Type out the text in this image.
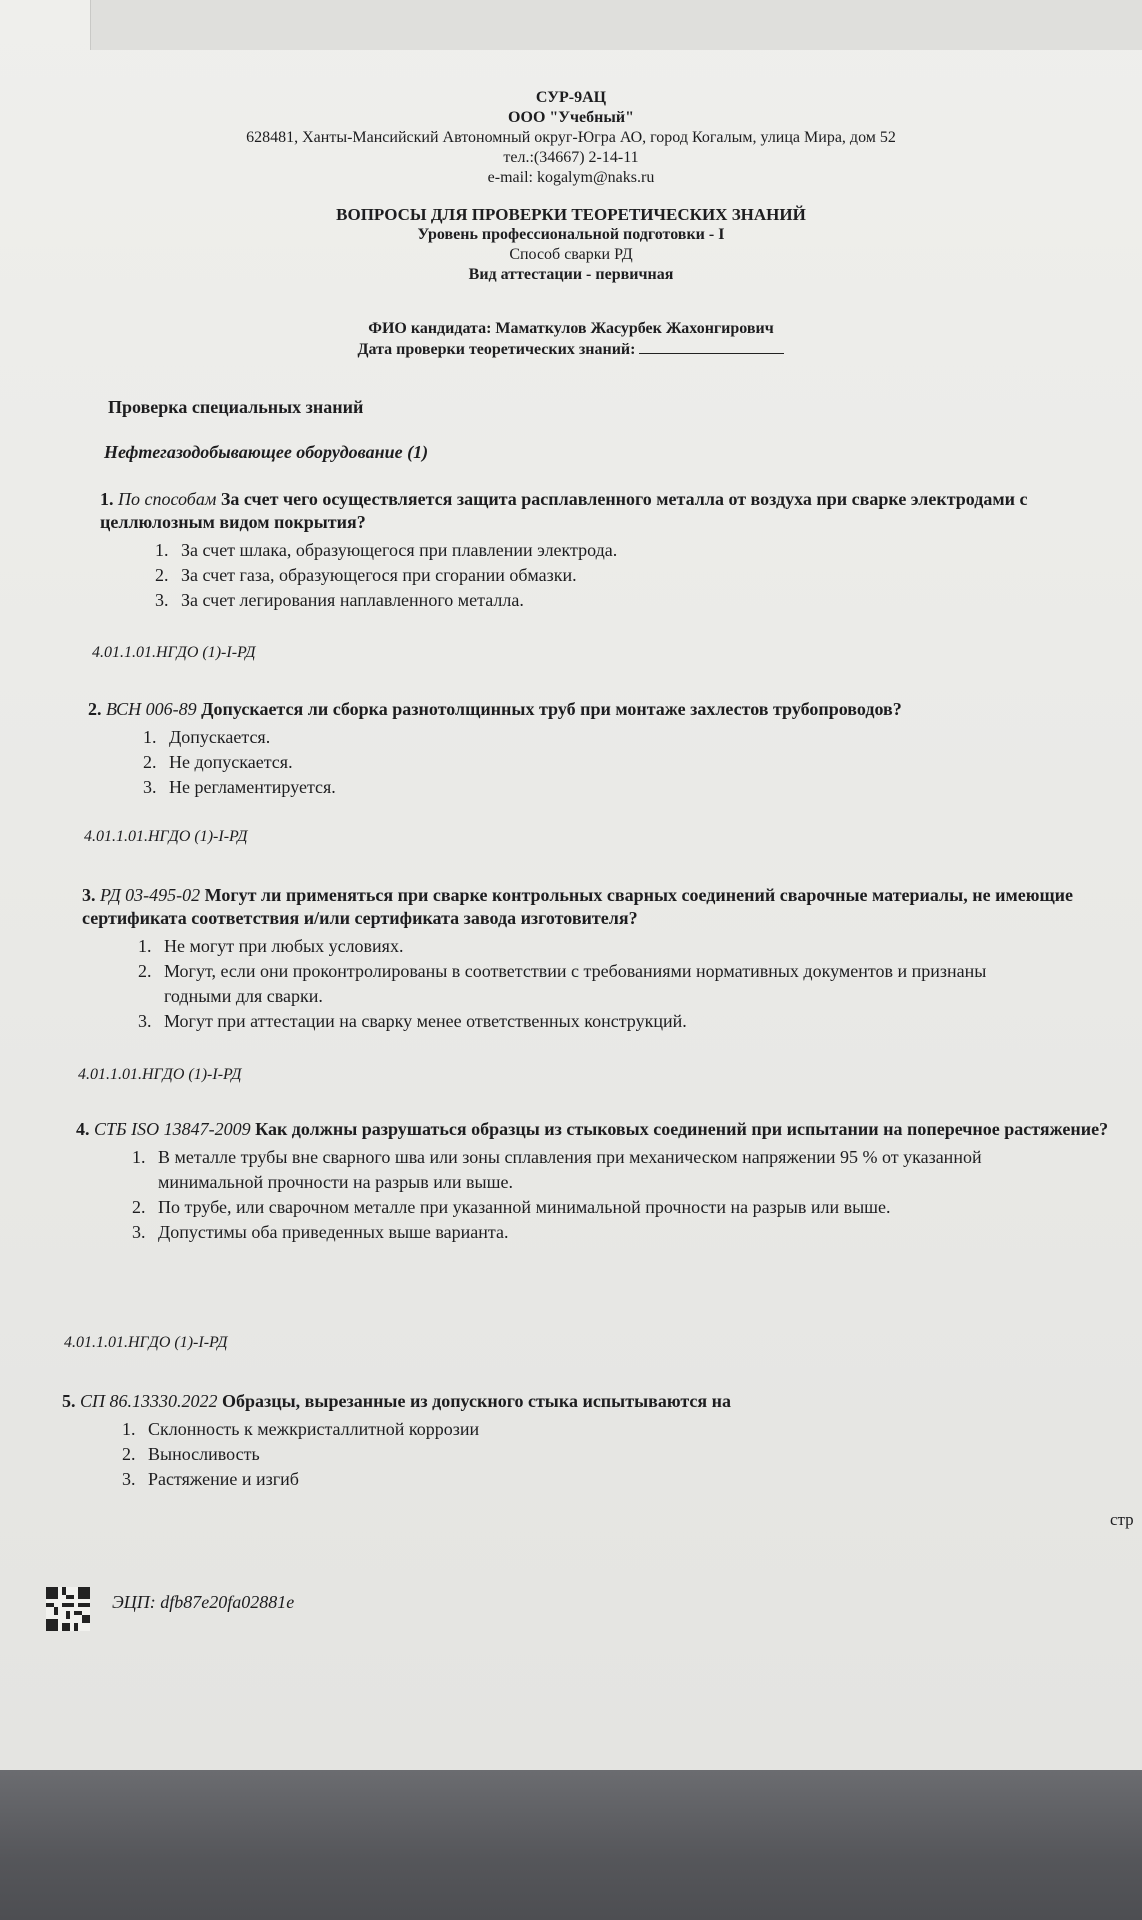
СУР-9АЦ
ООО "Учебный"
628481, Ханты-Мансийский Автономный округ-Югра АО, город Когалым, улица Мира, дом 52
тел.:(34667) 2-14-11
e-mail: kogalym@naks.ru
ВОПРОСЫ ДЛЯ ПРОВЕРКИ ТЕОРЕТИЧЕСКИХ ЗНАНИЙ
Уровень профессиональной подготовки - I
Способ сварки РД
Вид аттестации - первичная
ФИО кандидата: Маматкулов Жасурбек Жахонгирович
Дата проверки теоретических знаний:
Проверка специальных знаний
Нефтегазодобывающее оборудование (1)
1. По способам За счет чего осуществляется защита расплавленного металла от воздуха при сварке электродами с целлюлозным видом покрытия?
1. За счет шлака, образующегося при плавлении электрода.
2. За счет газа, образующегося при сгорании обмазки.
3. За счет легирования наплавленного металла.
4.01.1.01.НГДО (1)-I-РД
2. ВСН 006-89 Допускается ли сборка разнотолщинных труб при монтаже захлестов трубопроводов?
1. Допускается.
2. Не допускается.
3. Не регламентируется.
4.01.1.01.НГДО (1)-I-РД
3. РД 03-495-02 Могут ли применяться при сварке контрольных сварных соединений сварочные материалы, не имеющие сертификата соответствия и/или сертификата завода изготовителя?
1. Не могут при любых условиях.
2. Могут, если они проконтролированы в соответствии с требованиями нормативных документов и признаны годными для сварки.
3. Могут при аттестации на сварку менее ответственных конструкций.
4.01.1.01.НГДО (1)-I-РД
4. СТБ ISO 13847-2009 Как должны разрушаться образцы из стыковых соединений при испытании на поперечное растяжение?
1. В металле трубы вне сварного шва или зоны сплавления при механическом напряжении 95 % от указанной минимальной прочности на разрыв или выше.
2. По трубе, или сварочном металле при указанной минимальной прочности на разрыв или выше.
3. Допустимы оба приведенных выше варианта.
4.01.1.01.НГДО (1)-I-РД
5. СП 86.13330.2022 Образцы, вырезанные из допускного стыка испытываются на
1. Склонность к межкристаллитной коррозии
2. Выносливость
3. Растяжение и изгиб
стр
ЭЦП: dfb87e20fa02881e
